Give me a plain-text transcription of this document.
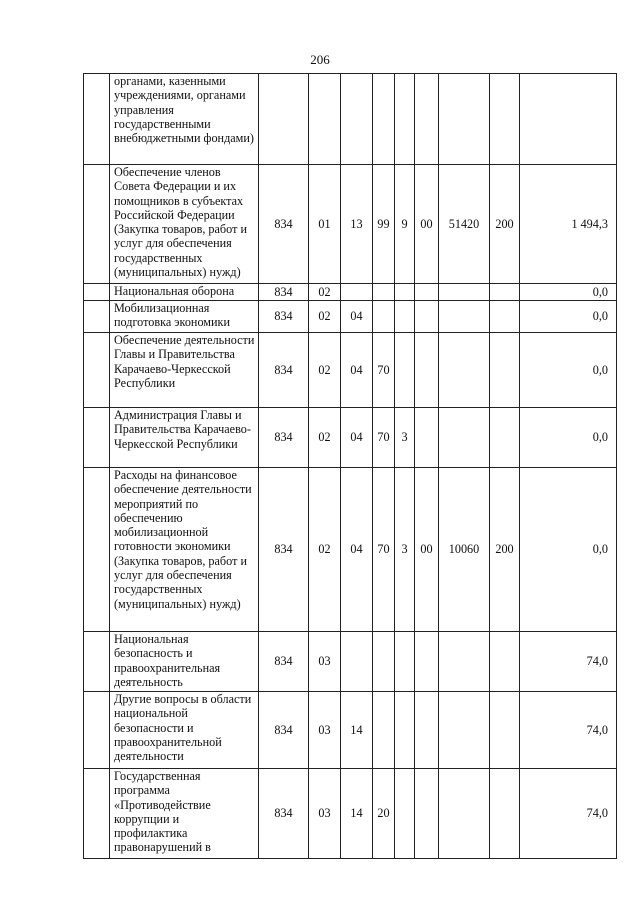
206
	органами, казенными учреждениями, органами управления государственными внебюджетными фондами)									
	Обеспечение членов Совета Федерации и их помощников в субъектах Российской Федерации (Закупка товаров, работ и услуг для обеспечения государственных (муниципальных) нужд)	834	01	13	99	9	00	51420	200	1 494,3
	Национальная оборона	834	02							0,0
	Мобилизационная подготовка экономики	834	02	04						0,0
	Обеспечение деятельности Главы и Правительства Карачаево-Черкесской Республики	834	02	04	70					0,0
	Администрация Главы и Правительства Карачаево-Черкесской Республики	834	02	04	70	3				0,0
	Расходы на финансовое обеспечение деятельности мероприятий по обеспечению мобилизационной готовности экономики (Закупка товаров, работ и услуг для обеспечения государственных (муниципальных) нужд)	834	02	04	70	3	00	10060	200	0,0
	Национальная безопасность и правоохранительная деятельность	834	03							74,0
	Другие вопросы в области национальной безопасности и правоохранительной деятельности	834	03	14						74,0
	Государственная программа «Противодействие коррупции и профилактика правонарушений в	834	03	14	20					74,0
